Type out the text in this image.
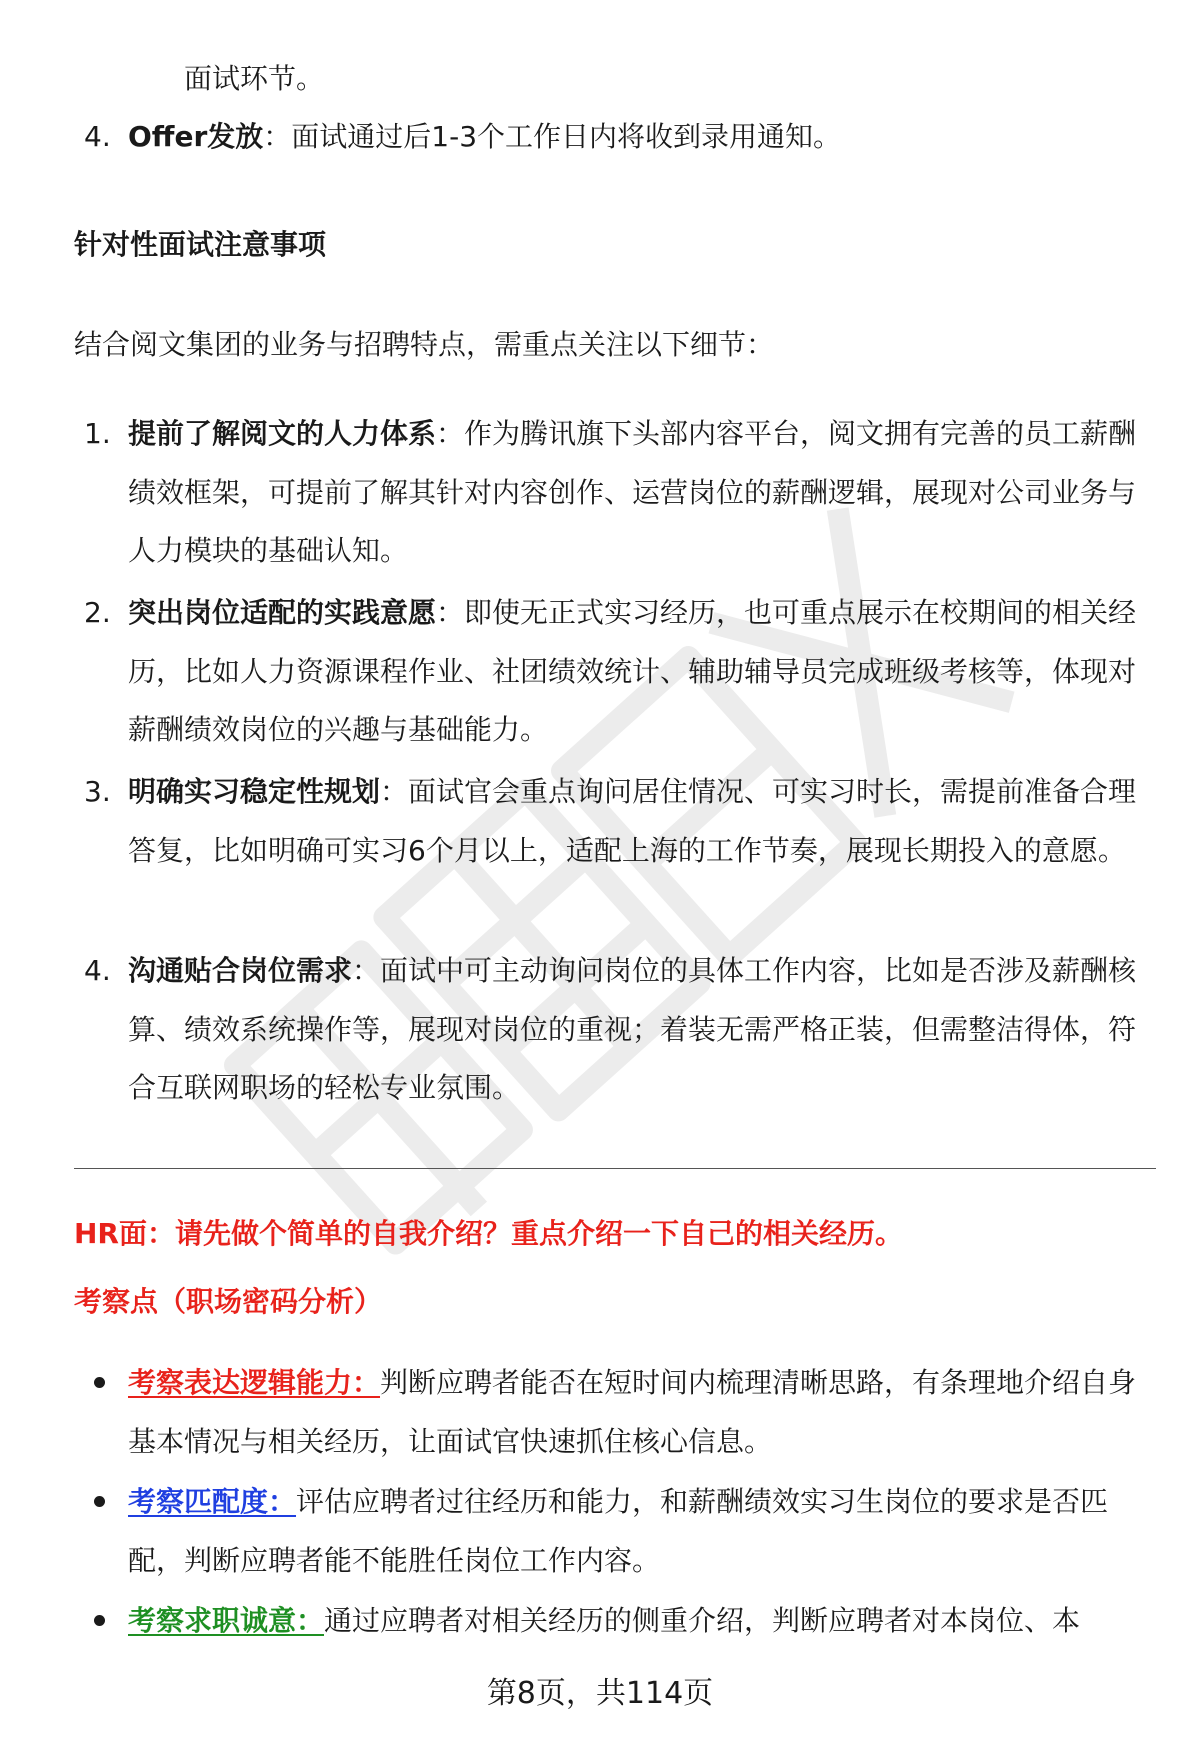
面试环节。
4. Offer发放：面试通过后1-3个工作日内将收到录用通知。
针对性面试注意事项
结合阅文集团的业务与招聘特点，需重点关注以下细节：
1. 提前了解阅文的人力体系：作为腾讯旗下头部内容平台，阅文拥有完善的员工薪酬绩效框架，可提前了解其针对内容创作、运营岗位的薪酬逻辑，展现对公司业务与人力模块的基础认知。
2. 突出岗位适配的实践意愿：即使无正式实习经历，也可重点展示在校期间的相关经历，比如人力资源课程作业、社团绩效统计、辅助辅导员完成班级考核等，体现对薪酬绩效岗位的兴趣与基础能力。
3. 明确实习稳定性规划：面试官会重点询问居住情况、可实习时长，需提前准备合理答复，比如明确可实习6个月以上，适配上海的工作节奏，展现长期投入的意愿。
4. 沟通贴合岗位需求：面试中可主动询问岗位的具体工作内容，比如是否涉及薪酬核算、绩效系统操作等，展现对岗位的重视；着装无需严格正装，但需整洁得体，符合互联网职场的轻松专业氛围。
HR面：请先做个简单的自我介绍？重点介绍一下自己的相关经历。
考察点（职场密码分析）
考察表达逻辑能力：判断应聘者能否在短时间内梳理清晰思路，有条理地介绍自身基本情况与相关经历，让面试官快速抓住核心信息。
考察匹配度：评估应聘者过往经历和能力，和薪酬绩效实习生岗位的要求是否匹配，判断应聘者能不能胜任岗位工作内容。
考察求职诚意：通过应聘者对相关经历的侧重介绍，判断应聘者对本岗位、本
第8页，共114页
